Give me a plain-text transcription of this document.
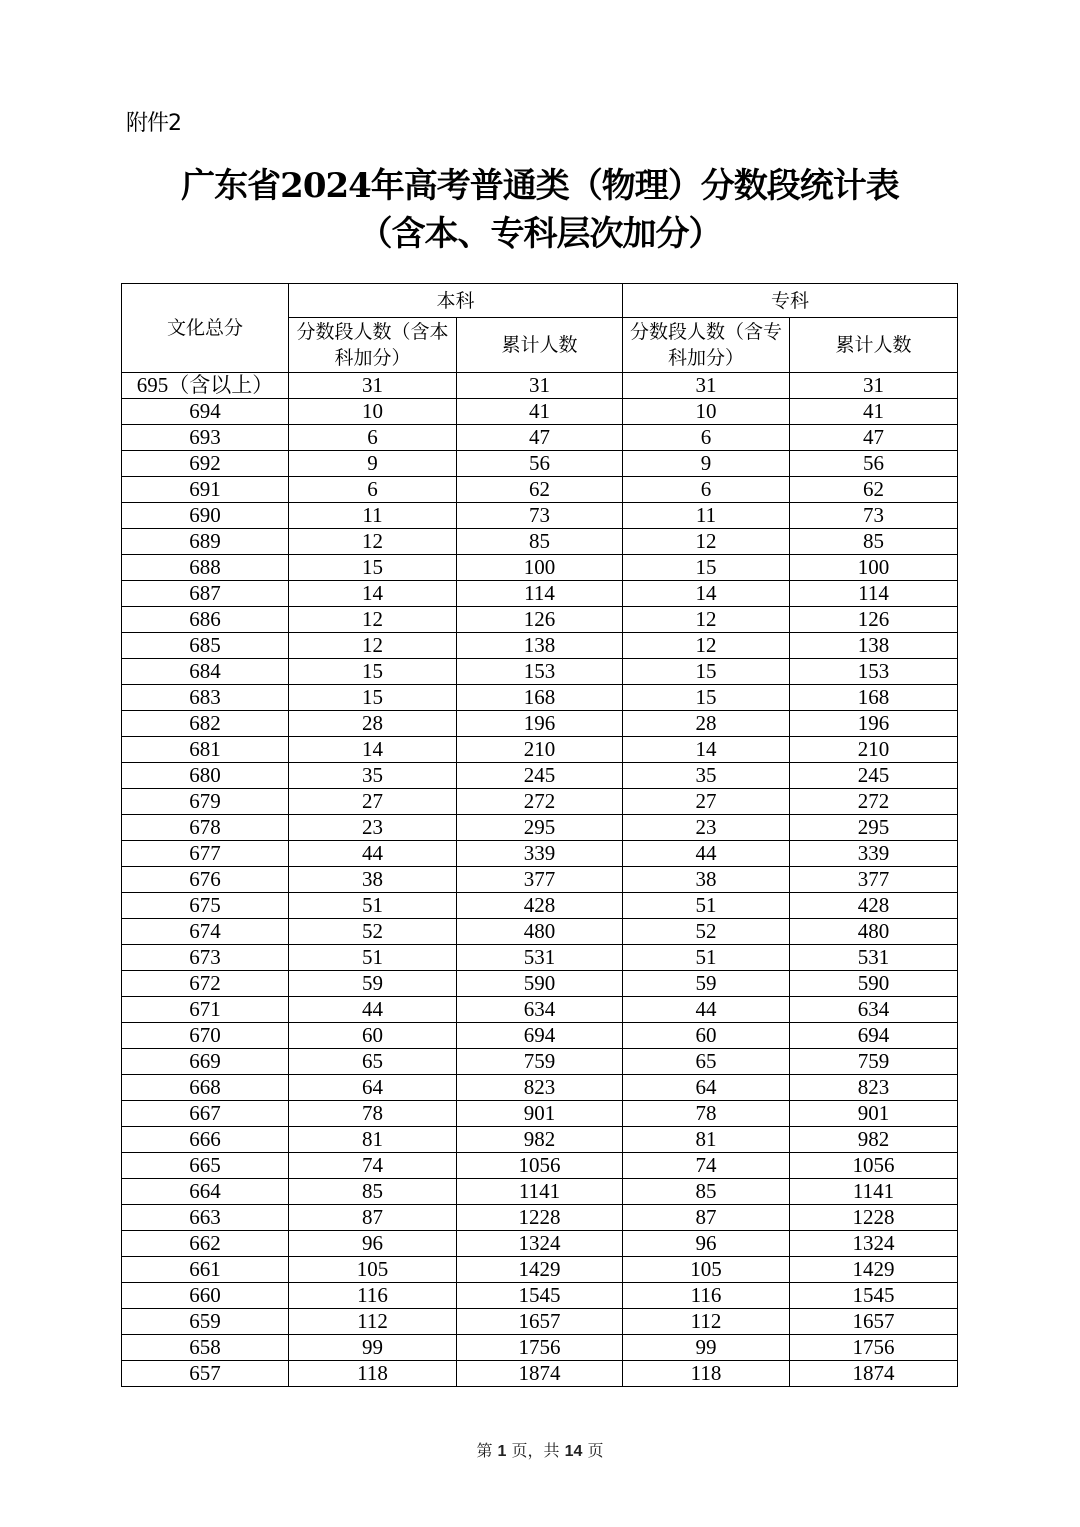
附件2
广东省2024年高考普通类（物理）分数段统计表
（含本、专科层次加分）
文化总分	本科		专科	
	分数段人数（含本科加分）	累计人数	分数段人数（含专科加分）	累计人数
695（含以上）	31	31	31	31
694	10	41	10	41
693	6	47	6	47
692	9	56	9	56
691	6	62	6	62
690	11	73	11	73
689	12	85	12	85
688	15	100	15	100
687	14	114	14	114
686	12	126	12	126
685	12	138	12	138
684	15	153	15	153
683	15	168	15	168
682	28	196	28	196
681	14	210	14	210
680	35	245	35	245
679	27	272	27	272
678	23	295	23	295
677	44	339	44	339
676	38	377	38	377
675	51	428	51	428
674	52	480	52	480
673	51	531	51	531
672	59	590	59	590
671	44	634	44	634
670	60	694	60	694
669	65	759	65	759
668	64	823	64	823
667	78	901	78	901
666	81	982	81	982
665	74	1056	74	1056
664	85	1141	85	1141
663	87	1228	87	1228
662	96	1324	96	1324
661	105	1429	105	1429
660	116	1545	116	1545
659	112	1657	112	1657
658	99	1756	99	1756
657	118	1874	118	1874
第 1 页，共 14 页
